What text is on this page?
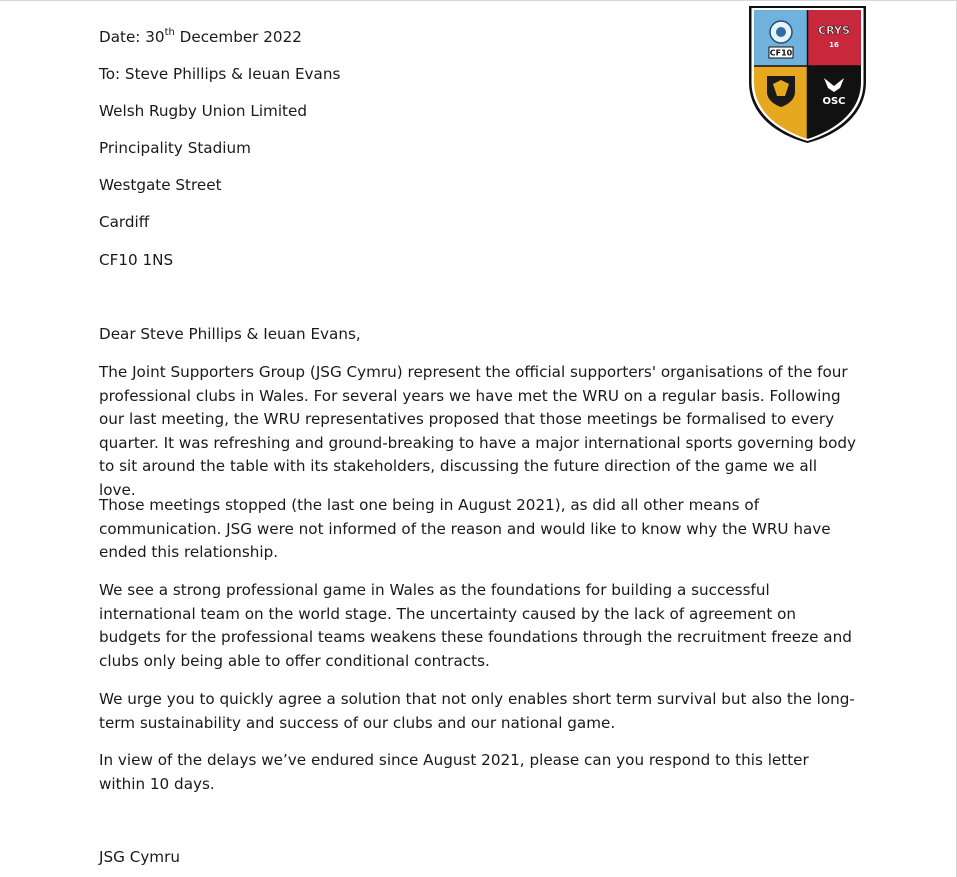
Date: 30th December 2022
To: Steve Phillips & Ieuan Evans
Welsh Rugby Union Limited
Principality Stadium
Westgate Street
Cardiff
CF10 1NS
Dear Steve Phillips & Ieuan Evans,
The Joint Supporters Group (JSG Cymru) represent the official supporters' organisations of the four professional clubs in Wales. For several years we have met the WRU on a regular basis. Following our last meeting, the WRU representatives proposed that those meetings be formalised to every quarter. It was refreshing and ground-breaking to have a major international sports governing body to sit around the table with its stakeholders, discussing the future direction of the game we all love.
Those meetings stopped (the last one being in August 2021), as did all other means of communication. JSG were not informed of the reason and would like to know why the WRU have ended this relationship.
We see a strong professional game in Wales as the foundations for building a successful international team on the world stage. The uncertainty caused by the lack of agreement on budgets for the professional teams weakens these foundations through the recruitment freeze and clubs only being able to offer conditional contracts.
We urge you to quickly agree a solution that not only enables short term survival but also the long-term sustainability and success of our clubs and our national game.
In view of the delays we’ve endured since August 2021, please can you respond to this letter within 10 days.
JSG Cymru
CF10
CRYS
16
OSC
